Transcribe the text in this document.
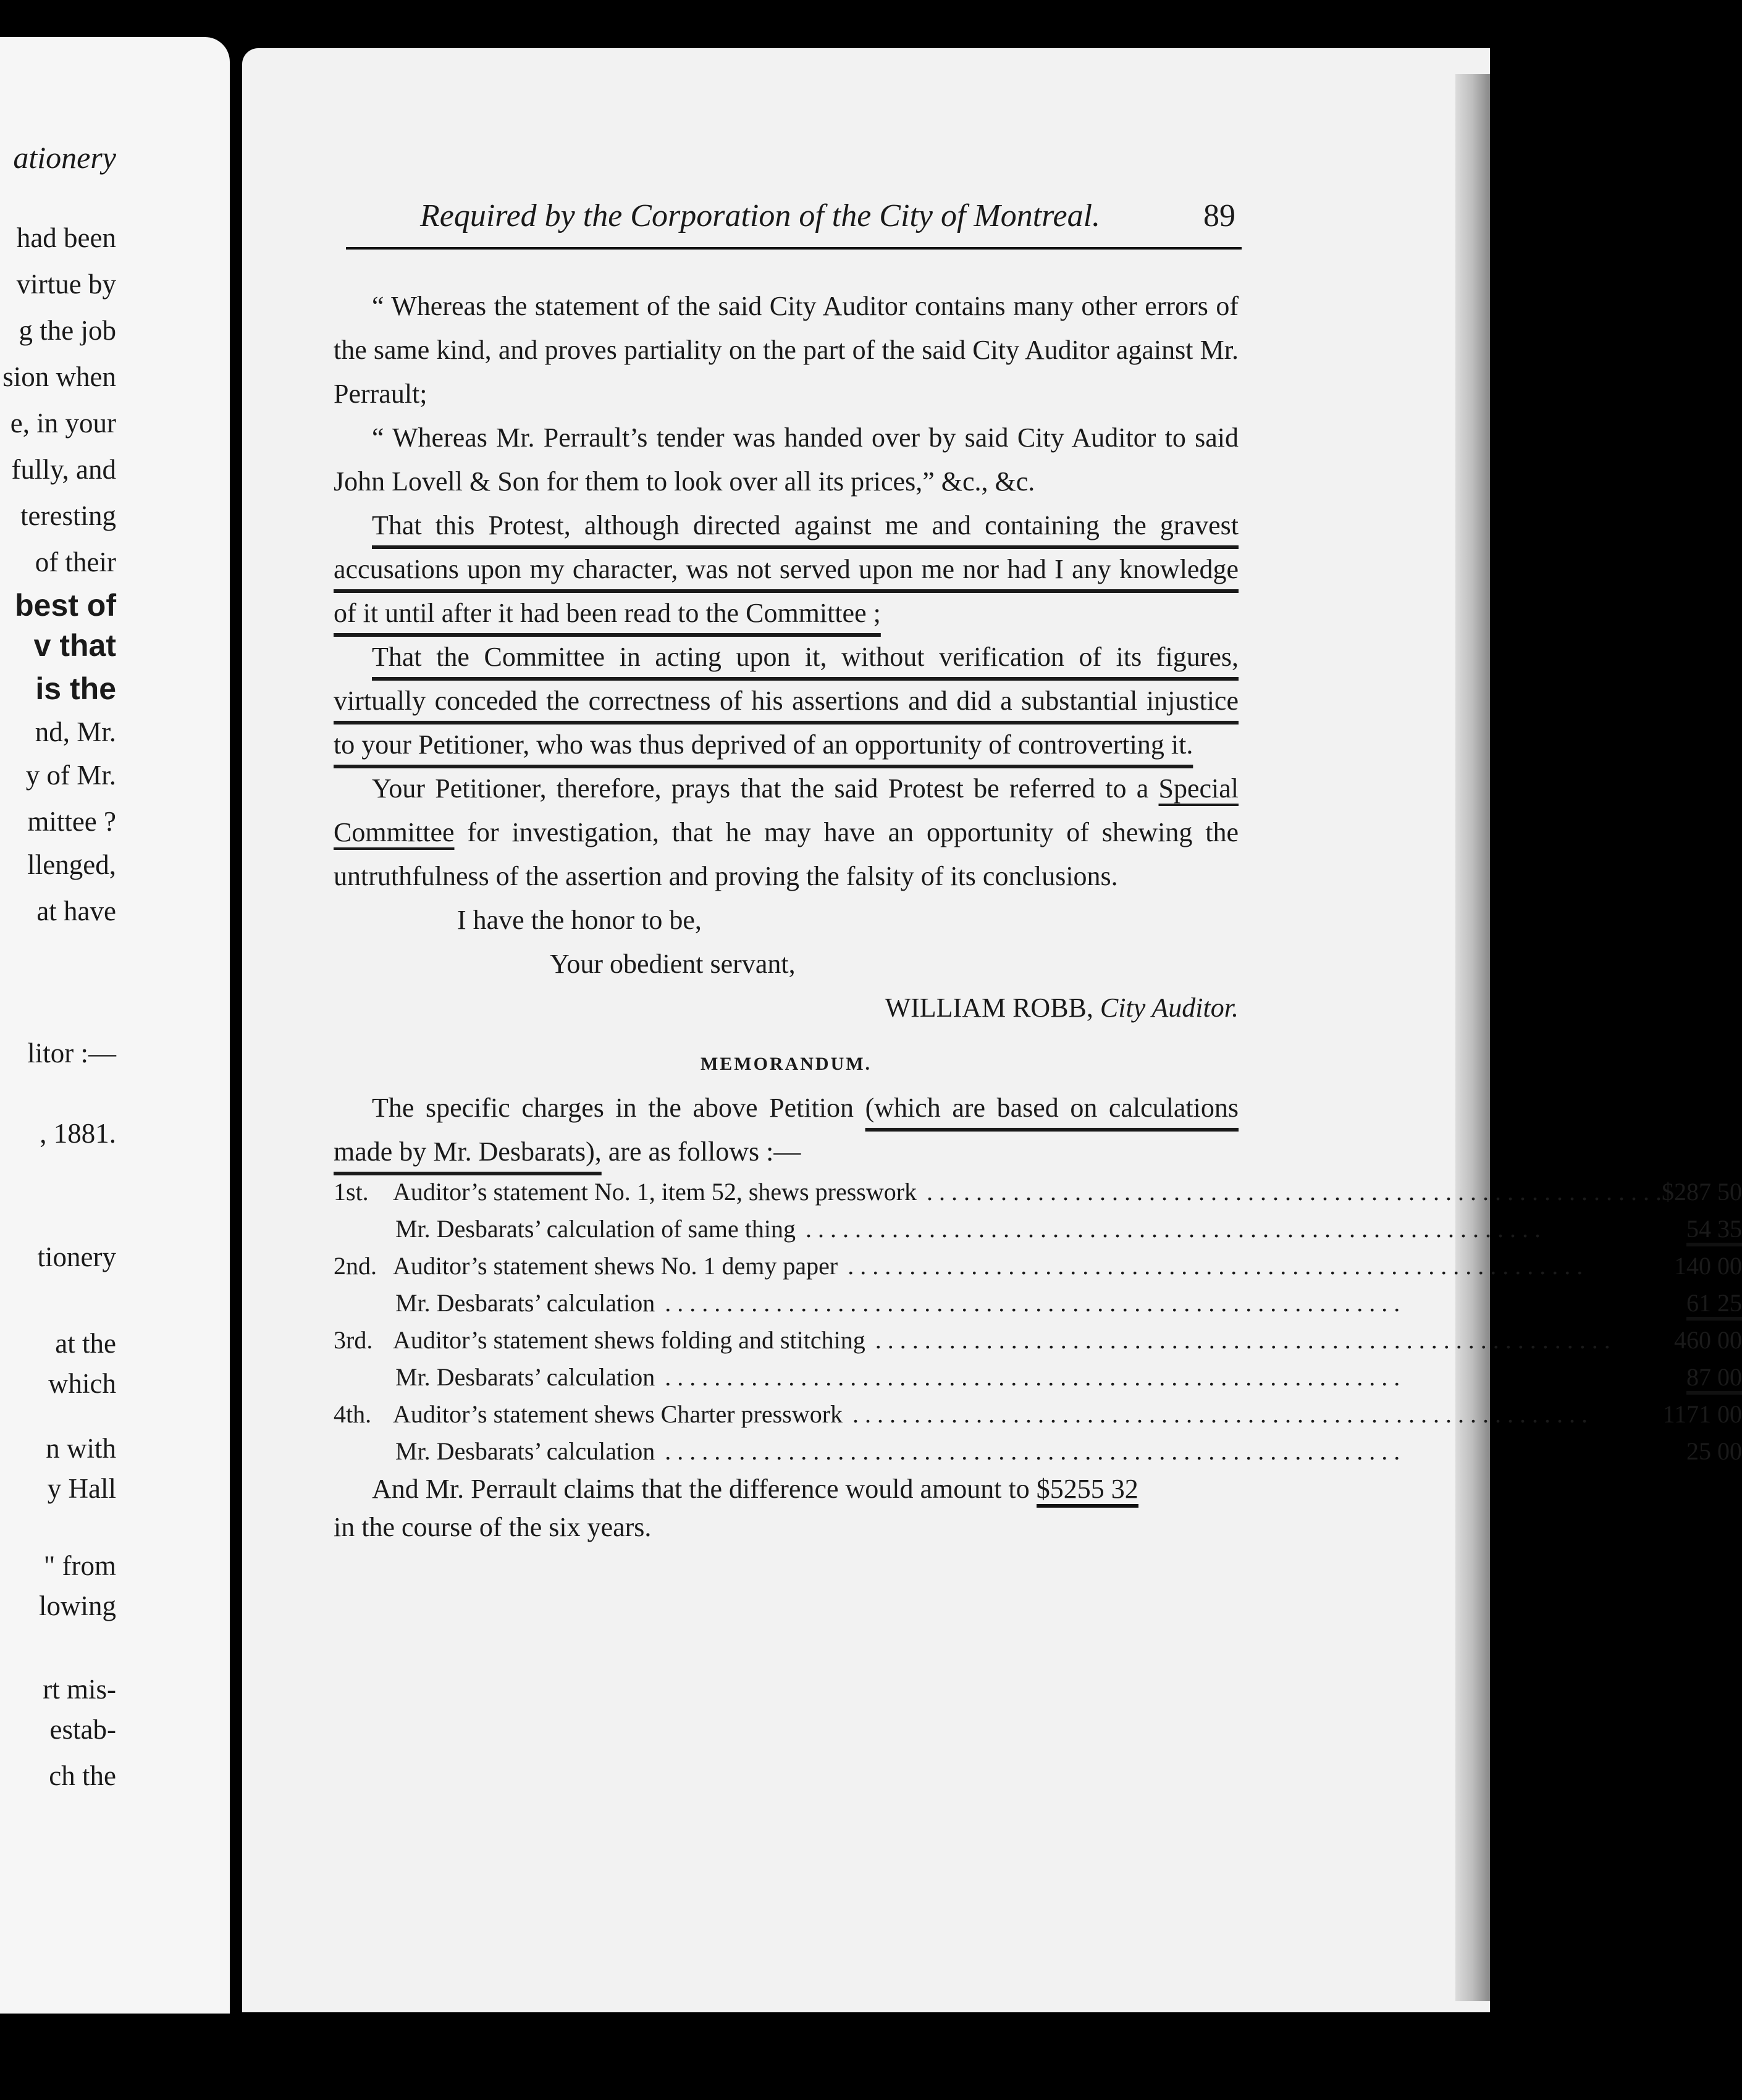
ationery
had been
virtue by
g the job
sion when
e, in your
fully, and
teresting
of their
best of
v that
is the
nd, Mr.
y of Mr.
mittee ?
llenged,
at have
litor :—
, 1881.
tionery
at the
which
n with
y Hall
" from
lowing
rt mis-
estab-
ch the
Required by the Corporation of the City of Montreal.	89

“ Whereas the statement of the said City Auditor contains many other errors of the same kind, and proves partiality on the part of the said City Auditor against Mr. Perrault;

“ Whereas Mr. Perrault’s tender was handed over by said City Auditor to said John Lovell & Son for them to look over all its prices,” &c., &c.

That this Protest, although directed against me and containing the gravest accusations upon my character, was not served upon me nor had I any knowledge of it until after it had been read to the Committee ;

That the Committee in acting upon it, without verification of its figures, virtually conceded the correctness of his assertions and did a substantial injustice to your Petitioner, who was thus deprived of an opportunity of controverting it.

Your Petitioner, therefore, prays that the said Protest be referred to a Special Committee for investigation, that he may have an opportunity of shewing the untruthfulness of the assertion and proving the falsity of its conclusions.

I have the honor to be,

Your obedient servant,

WILLIAM ROBB, City Auditor.

MEMORANDUM.

The specific charges in the above Petition (which are based on calculations made by Mr. Desbarats), are as follows :—

1st. Auditor’s statement No. 1, item 52, shews presswork . . . . . . . . . . . . . . . . . . . . . . . . . . . . . . . . . . . . . . . . . . . . . . . . . . . . . . . . . . . .	$287 50
Mr. Desbarats’ calculation of same thing . . . . . . . . . . . . . . . . . . . . . . . . . . . . . . . . . . . . . . . . . . . . . . . . . . . . . . . . . . . .	54 35
2nd. Auditor’s statement shews No. 1 demy paper . . . . . . . . . . . . . . . . . . . . . . . . . . . . . . . . . . . . . . . . . . . . . . . . . . . . . . . . . . . .	140 00
Mr. Desbarats’ calculation . . . . . . . . . . . . . . . . . . . . . . . . . . . . . . . . . . . . . . . . . . . . . . . . . . . . . . . . . . . .	61 25
3rd. Auditor’s statement shews folding and stitching . . . . . . . . . . . . . . . . . . . . . . . . . . . . . . . . . . . . . . . . . . . . . . . . . . . . . . . . . . . .	460 00
Mr. Desbarats’ calculation . . . . . . . . . . . . . . . . . . . . . . . . . . . . . . . . . . . . . . . . . . . . . . . . . . . . . . . . . . . .	87 00
4th. Auditor’s statement shews Charter presswork . . . . . . . . . . . . . . . . . . . . . . . . . . . . . . . . . . . . . . . . . . . . . . . . . . . . . . . . . . . .	1171 00
Mr. Desbarats’ calculation . . . . . . . . . . . . . . . . . . . . . . . . . . . . . . . . . . . . . . . . . . . . . . . . . . . . . . . . . . . .	25 00

And Mr. Perrault claims that the difference would amount to $5255 32
in the course of the six years.
